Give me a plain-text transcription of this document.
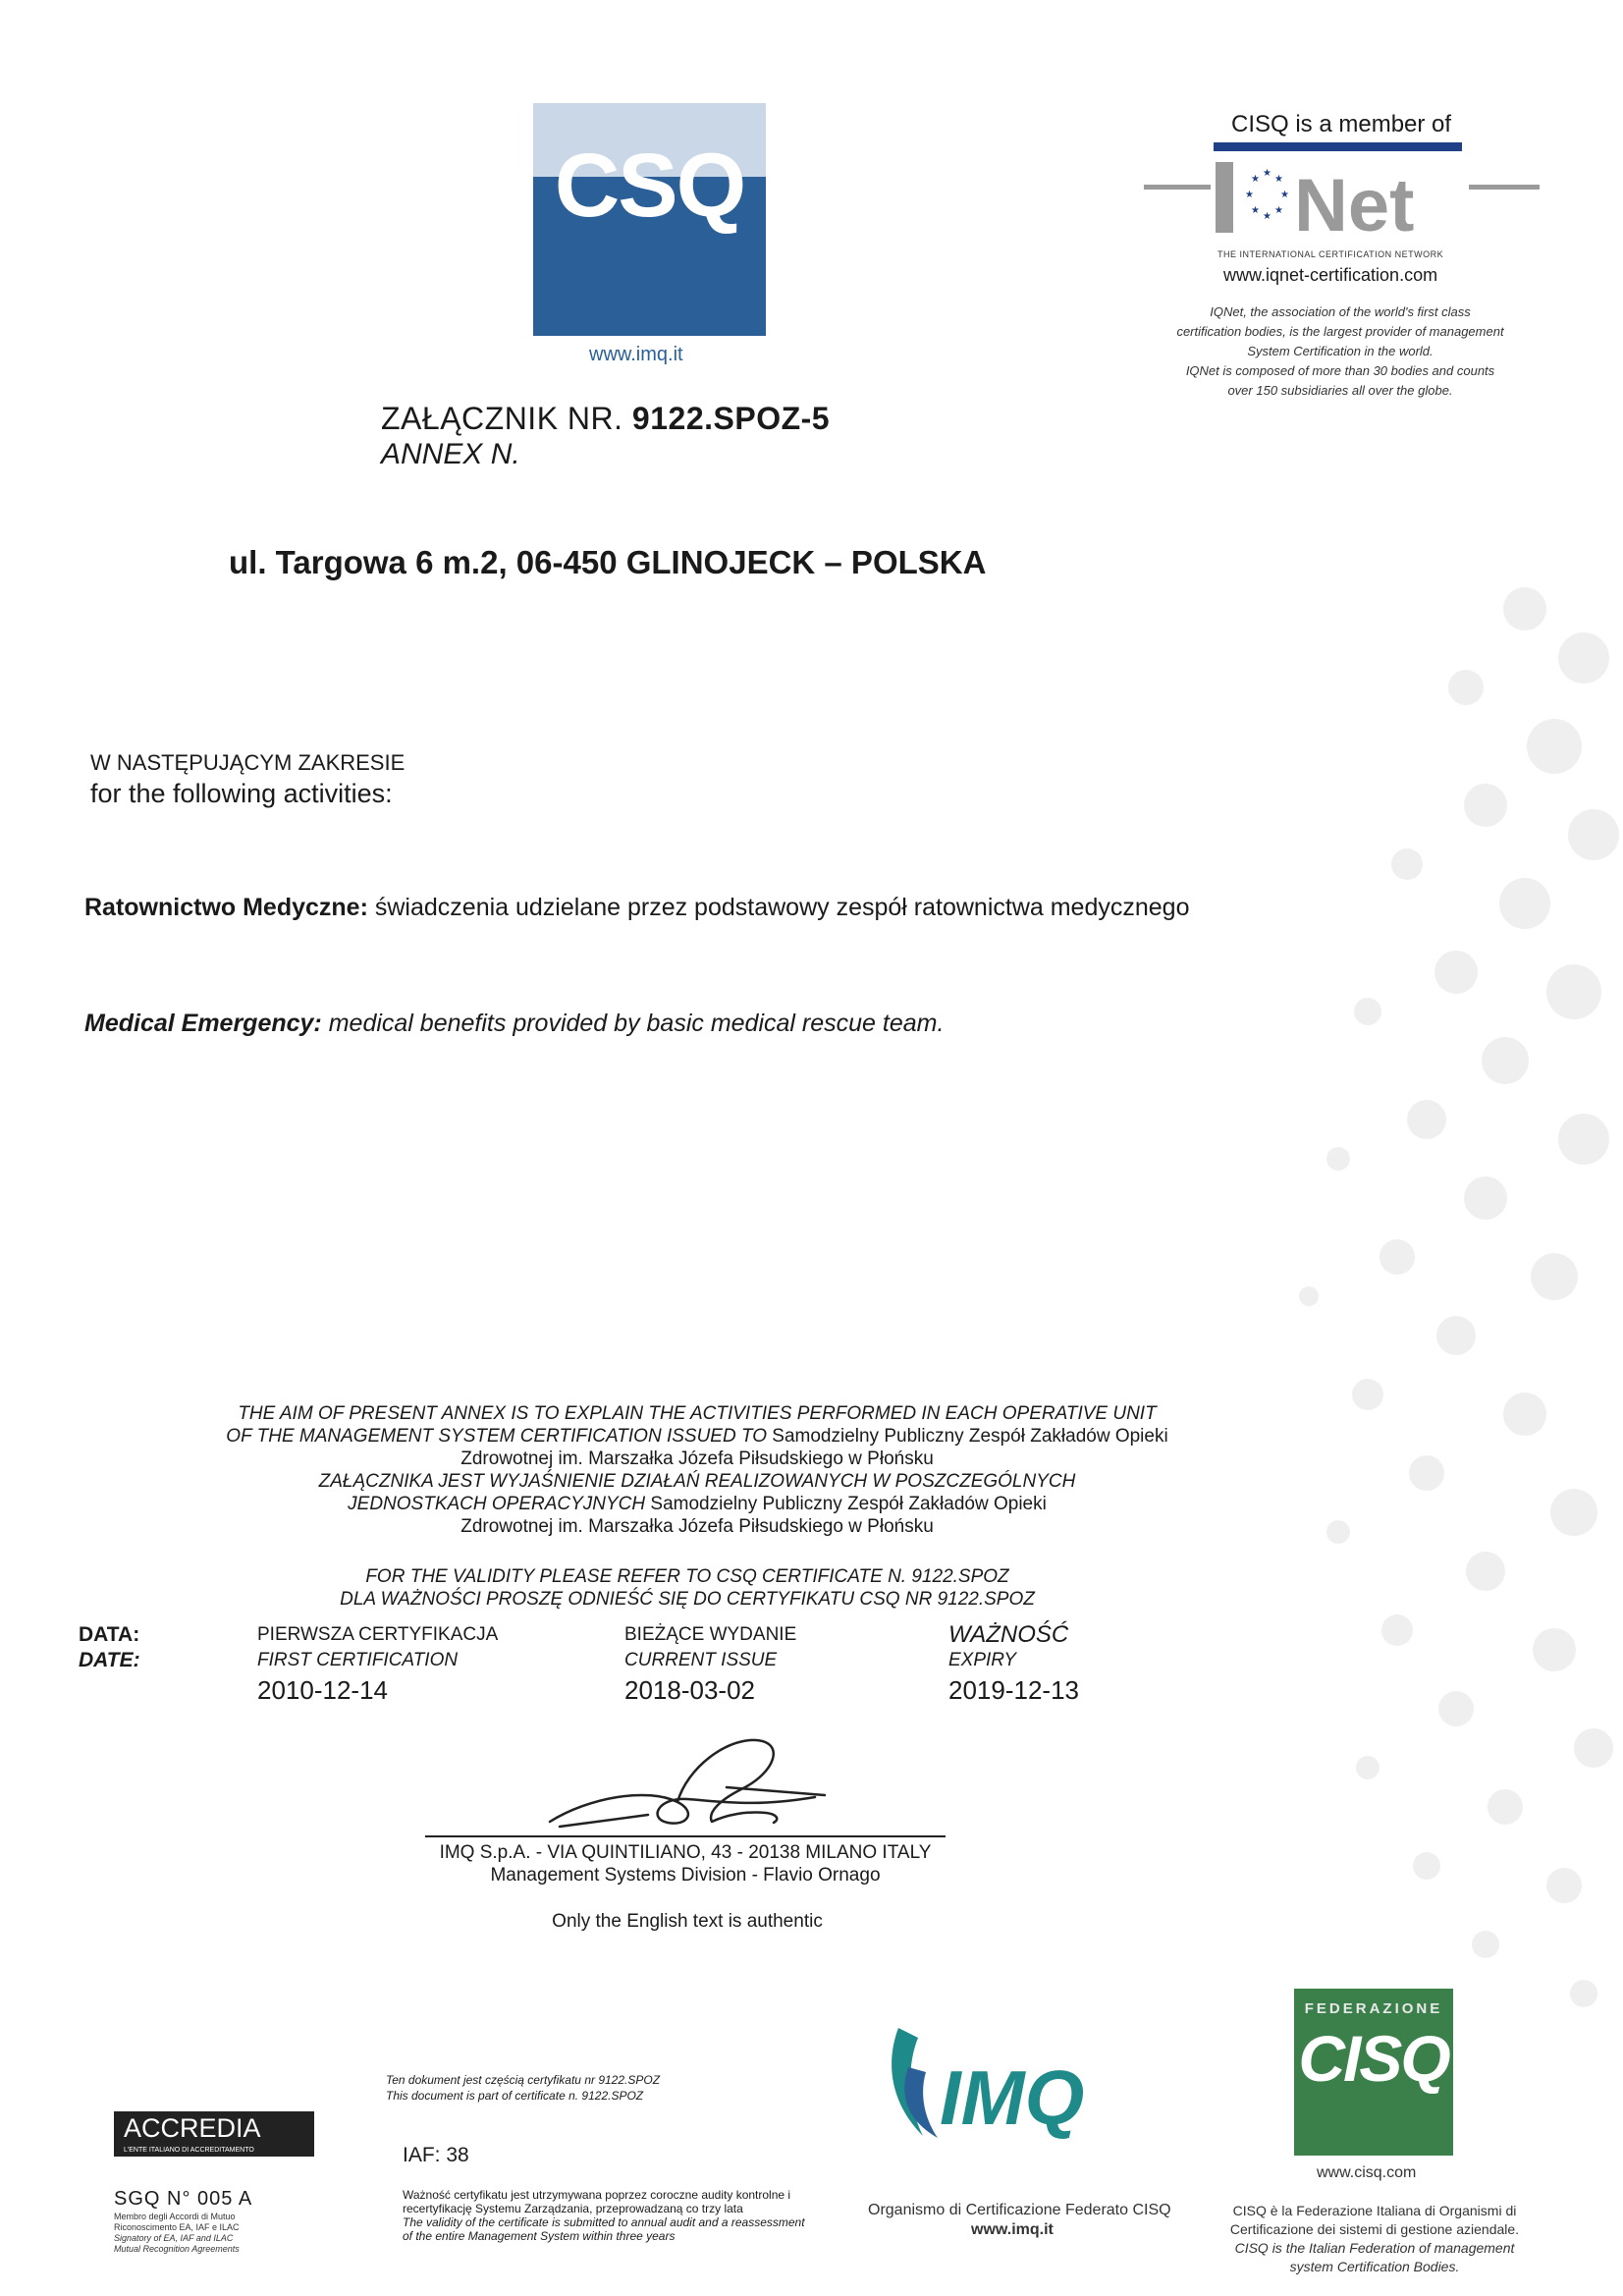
CSQ
www.imq.it
ZAŁĄCZNIK NR. 9122.SPOZ-5
ANNEX N.
ul. Targowa 6 m.2, 06-450 GLINOJECK – POLSKA
CISQ is a member of
★
★
★
★	★
★
★
★ Net
THE INTERNATIONAL CERTIFICATION NETWORK
www.iqnet-certification.com
IQNet, the association of the world's first class
certification bodies, is the largest provider of management
System Certification in the world.
IQNet is composed of more than 30 bodies and counts
over 150 subsidiaries all over the globe.
W NASTĘPUJĄCYM ZAKRESIE
for the following activities:
Ratownictwo Medyczne: świadczenia udzielane przez podstawowy zespół ratownictwa medycznego
Medical Emergency: medical benefits provided by basic medical rescue team.
THE AIM OF PRESENT ANNEX IS TO EXPLAIN THE ACTIVITIES PERFORMED IN EACH OPERATIVE UNIT
OF THE MANAGEMENT SYSTEM CERTIFICATION ISSUED TO Samodzielny Publiczny Zespół Zakładów Opieki
Zdrowotnej im. Marszałka Józefa Piłsudskiego w Płońsku
ZAŁĄCZNIKA JEST WYJAŚNIENIE DZIAŁAŃ REALIZOWANYCH W POSZCZEGÓLNYCH
JEDNOSTKACH OPERACYJNYCH Samodzielny Publiczny Zespół Zakładów Opieki
Zdrowotnej im. Marszałka Józefa Piłsudskiego w Płońsku
FOR THE VALIDITY PLEASE REFER TO CSQ CERTIFICATE N. 9122.SPOZ
DLA WAŻNOŚCI PROSZĘ ODNIEŚĆ SIĘ DO CERTYFIKATU CSQ NR 9122.SPOZ
DATA:
DATE:
PIERWSZA CERTYFIKACJA
FIRST CERTIFICATION
2010-12-14
BIEŻĄCE WYDANIE
CURRENT ISSUE
2018-03-02
WAŻNOŚĆ
EXPIRY
2019-12-13
IMQ S.p.A. - VIA QUINTILIANO, 43 - 20138 MILANO ITALY
Management Systems Division - Flavio Ornago
Only the English text is authentic
Ten dokument jest częścią certyfikatu nr 9122.SPOZ
This document is part of certificate n. 9122.SPOZ
IAF: 38
Ważność certyfikatu jest utrzymywana poprzez coroczne audity kontrolne i
recertyfikację Systemu Zarządzania, przeprowadzaną co trzy lata
The validity of the certificate is submitted to annual audit and a reassessment
of the entire Management System within three years
ACCREDIA
L'ENTE ITALIANO DI ACCREDITAMENTO
SGQ N° 005 A
Membro degli Accordi di Mutuo
Riconoscimento EA, IAF e ILAC
Signatory of EA, IAF and ILAC
Mutual Recognition Agreements
IMQ
Organismo di Certificazione Federato CISQ
www.imq.it
FEDERAZIONE
CISQ
www.cisq.com
CISQ è la Federazione Italiana di Organismi di
Certificazione dei sistemi di gestione aziendale.
CISQ is the Italian Federation of management
system Certification Bodies.
